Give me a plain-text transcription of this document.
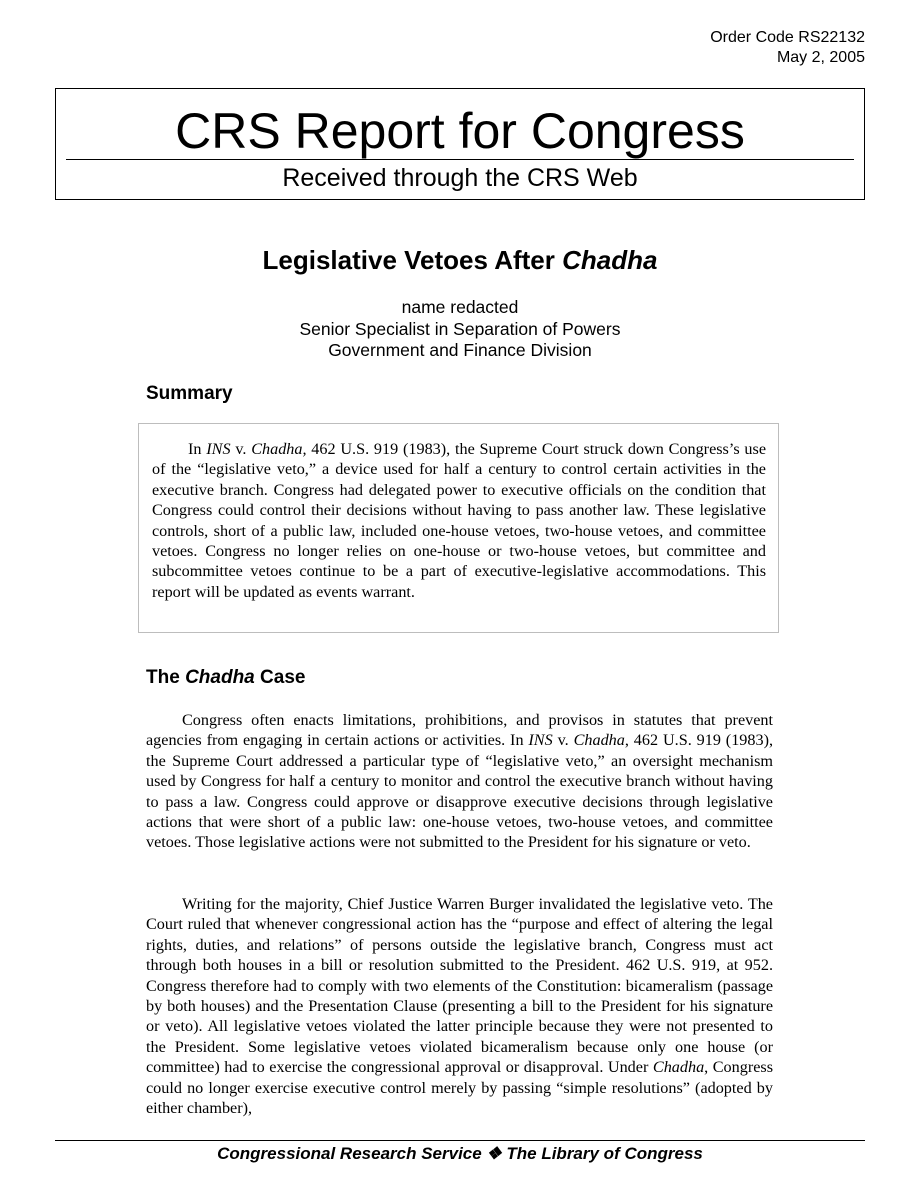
Order Code RS22132
May 2, 2005
CRS Report for Congress
Received through the CRS Web
Legislative Vetoes After Chadha
name redacted
Senior Specialist in Separation of Powers
Government and Finance Division
Summary

In INS v. Chadha, 462 U.S. 919 (1983), the Supreme Court struck down Congress’s use of the “legislative veto,” a device used for half a century to control certain activities in the executive branch. Congress had delegated power to executive officials on the condition that Congress could control their decisions without having to pass another law. These legislative controls, short of a public law, included one-house vetoes, two-house vetoes, and committee vetoes. Congress no longer relies on one-house or two-house vetoes, but committee and subcommittee vetoes continue to be a part of executive-legislative accommodations. This report will be updated as events warrant.

The Chadha Case

Congress often enacts limitations, prohibitions, and provisos in statutes that prevent agencies from engaging in certain actions or activities. In INS v. Chadha, 462 U.S. 919 (1983), the Supreme Court addressed a particular type of “legislative veto,” an oversight mechanism used by Congress for half a century to monitor and control the executive branch without having to pass a law. Congress could approve or disapprove executive decisions through legislative actions that were short of a public law: one-house vetoes, two-house vetoes, and committee vetoes. Those legislative actions were not submitted to the President for his signature or veto.

Writing for the majority, Chief Justice Warren Burger invalidated the legislative veto. The Court ruled that whenever congressional action has the “purpose and effect of altering the legal rights, duties, and relations” of persons outside the legislative branch, Congress must act through both houses in a bill or resolution submitted to the President. 462 U.S. 919, at 952. Congress therefore had to comply with two elements of the Constitution: bicameralism (passage by both houses) and the Presentation Clause (presenting a bill to the President for his signature or veto). All legislative vetoes violated the latter principle because they were not presented to the President. Some legislative vetoes violated bicameralism because only one house (or committee) had to exercise the congressional approval or disapproval. Under Chadha, Congress could no longer exercise executive control merely by passing “simple resolutions” (adopted by either chamber),

Congressional Research Service ❖ The Library of Congress
